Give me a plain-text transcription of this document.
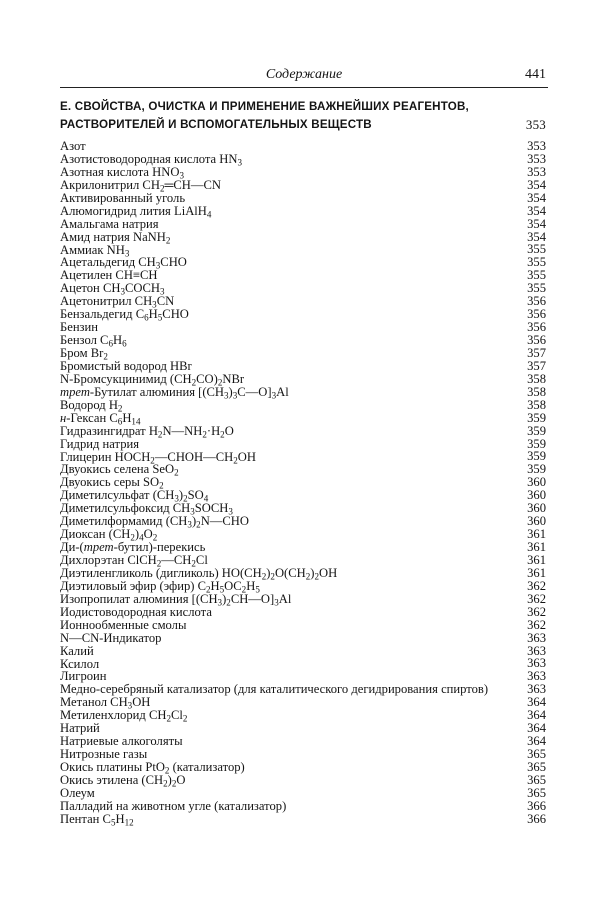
Содержание	441
Е. СВОЙСТВА, ОЧИСТКА И ПРИМЕНЕНИЕ ВАЖНЕЙШИХ РЕАГЕНТОВ,
РАСТВОРИТЕЛЕЙ И ВСПОМОГАТЕЛЬНЫХ ВЕЩЕСТВ	353
Азот	353
Азотистоводородная кислота $HN_3$	353
Азотная кислота $HNO_3$	353
Акрилонитрил $CH_2═CH—CN$	354
Активированный уголь	354
Алюмогидрид лития LiAlH$_4$	354
Амальгама натрия	354
Амид натрия NaNH$_2$	354
Аммиак $NH_3$	355
Ацетальдегид $CH_3CHO$	355
Ацетилен CH≡CH	355
Ацетон $CH_3COCH_3$	355
Ацетонитрил $CH_3CN$	356
Бензальдегид $C_6H_5CHO$	356
Бензин	356
Бензол $C_6H_6$	356
Бром $Br_2$	357
Бромистый водород HBr	357
N-Бромсукцинимид $(CH_2CO)_2NBr$	358
трет-Бутилат алюминия $[(CH_3)_3C—O]_3Al$	358
Водород $H_2$	358
н-Гексан $C_6H_{14}$	359
Гидразингидрат $H_2N—NH_2\cdot H_2O$	359
Гидрид натрия	359
Глицерин $HOCH_2—CHOH—CH_2OH$	359
Двуокись селена SeO$_2$	359
Двуокись серы $SO_2$	360
Диметилсульфат $(CH_3)_2SO_4$	360
Диметилсульфоксид $CH_3SOCH_3$	360
Диметилформамид $(CH_3)_2N—CHO$	360
Диоксан $(CH_2)_4O_2$	361
Ди-(трет-бутил)-перекись	361
Дихлорэтан $ClCH_2—CH_2Cl$	361
Диэтиленгликоль (дигликоль) $HO(CH_2)_2O(CH_2)_2OH$	361
Диэтиловый эфир (эфир) $C_2H_5OC_2H_5$	362
Изопропилат алюминия $[(CH_3)_2CH—O]_3Al$	362
Иодистоводородная кислота	362
Ионнообменные смолы	362
N—CN-Индикатор	363
Калий	363
Ксилол	363
Лигроин	363
Медно-серебряный катализатор (для каталитического дегидрирования спиртов)	363
Метанол $CH_3OH$	364
Метиленхлорид $CH_2Cl_2$	364
Натрий	364
Натриевые алкоголяты	364
Нитрозные газы	365
Окись платины PtO$_2$ (катализатор)	365
Окись этилена $(CH_2)_2O$	365
Олеум	365
Палладий на животном угле (катализатор)	366
Пентан $C_5H_{12}$	366
